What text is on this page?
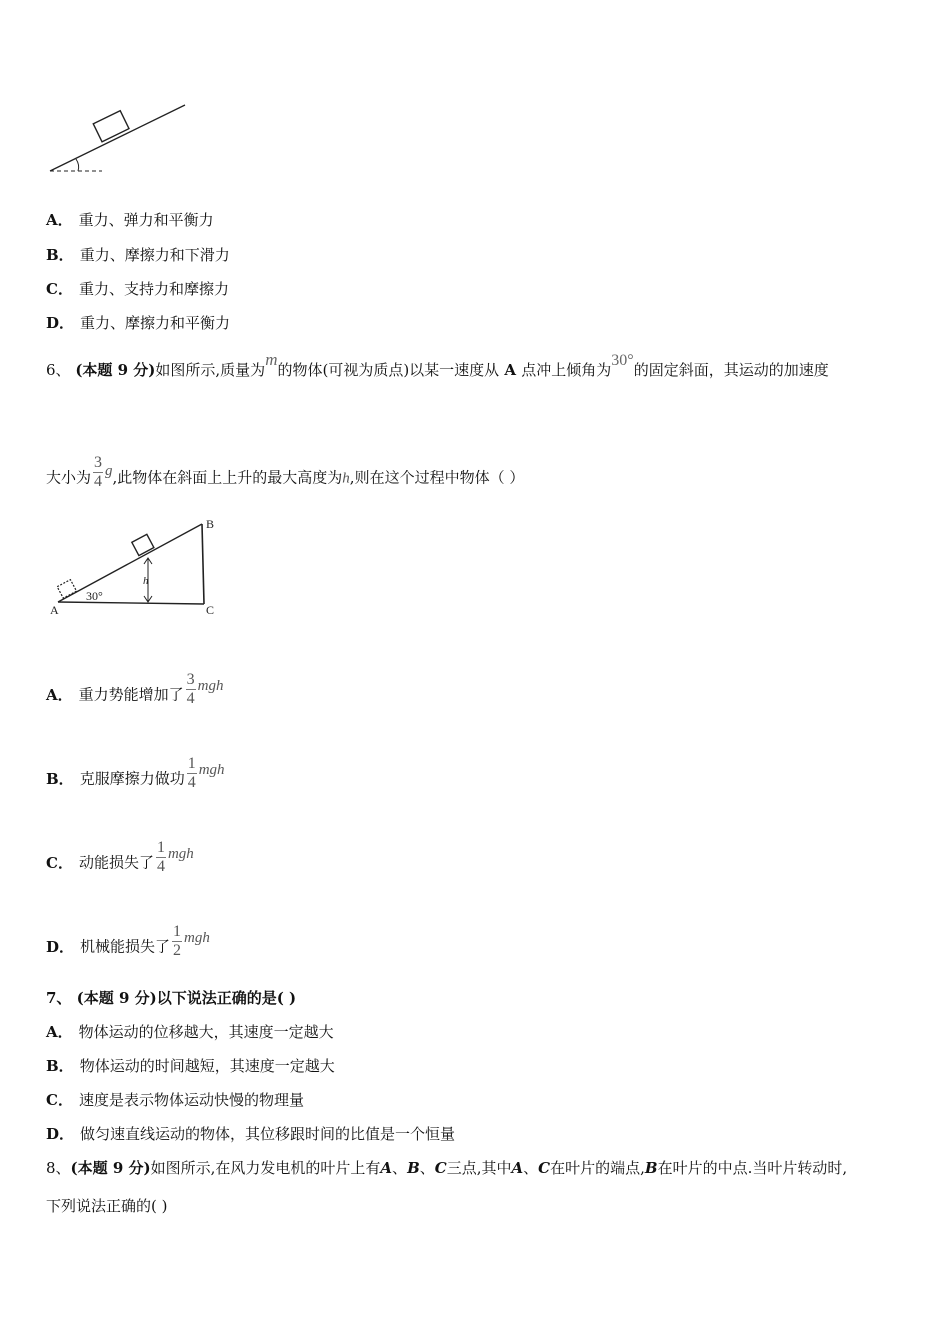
A． 重力、弹力和平衡力
B． 重力、摩擦力和下滑力
C． 重力、支持力和摩擦力
D． 重力、摩擦力和平衡力
6、 (本题 9 分)如图所示,质量为m的物体(可视为质点)以某一速度从 A 点冲上倾角为30°的固定斜面，其运动的加速度
大小为 $\frac{3}{4} g$,此物体在斜面上上升的最大高度为h,则在这个过程中物体（ ）
h
30°
A
B
C
A． 重力势能增加了 $\frac{3}{4}$ mgh
B． 克服摩擦力做功 $\frac{1}{4}$ mgh
C． 动能损失了 $\frac{1}{4}$ mgh
D． 机械能损失了 $\frac{1}{2}$ mgh
7、 (本题 9 分)以下说法正确的是( )
A． 物体运动的位移越大，其速度一定越大
B． 物体运动的时间越短，其速度一定越大
C． 速度是表示物体运动快慢的物理量
D． 做匀速直线运动的物体，其位移跟时间的比值是一个恒量
8、(本题 9 分)如图所示,在风力发电机的叶片上有A、B、C三点,其中A、C在叶片的端点,B在叶片的中点.当叶片转动时,
下列说法正确的( )
